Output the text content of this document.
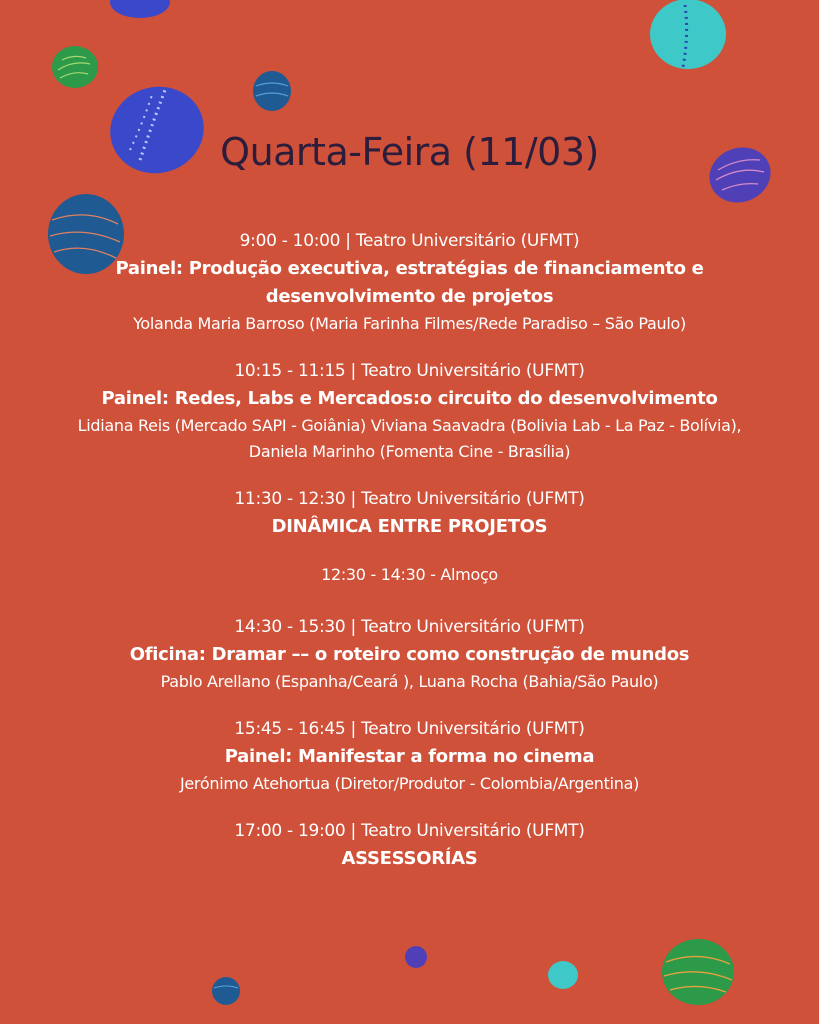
Quarta-Feira (11/03)
9:00 - 10:00 | Teatro Universitário (UFMT)
Painel: Produção executiva, estratégias de financiamento e desenvolvimento de projetos
Yolanda Maria Barroso (Maria Farinha Filmes/Rede Paradiso – São Paulo)
10:15 - 11:15 | Teatro Universitário (UFMT)
Painel: Redes, Labs e Mercados:o circuito do desenvolvimento
Lidiana Reis (Mercado SAPI - Goiânia) Viviana Saavadra (Bolivia Lab - La Paz - Bolívia), Daniela Marinho (Fomenta Cine - Brasília)
11:30 - 12:30 | Teatro Universitário (UFMT)
DINÂMICA ENTRE PROJETOS
12:30 - 14:30 - Almoço
14:30 - 15:30 | Teatro Universitário (UFMT)
Oficina: Dramar –– o roteiro como construção de mundos
Pablo Arellano (Espanha/Ceará ), Luana Rocha (Bahia/São Paulo)
15:45 - 16:45 | Teatro Universitário (UFMT)
Painel: Manifestar a forma no cinema
Jerónimo Atehortua (Diretor/Produtor - Colombia/Argentina)
17:00 - 19:00 | Teatro Universitário (UFMT)
ASSESSORÍAS
